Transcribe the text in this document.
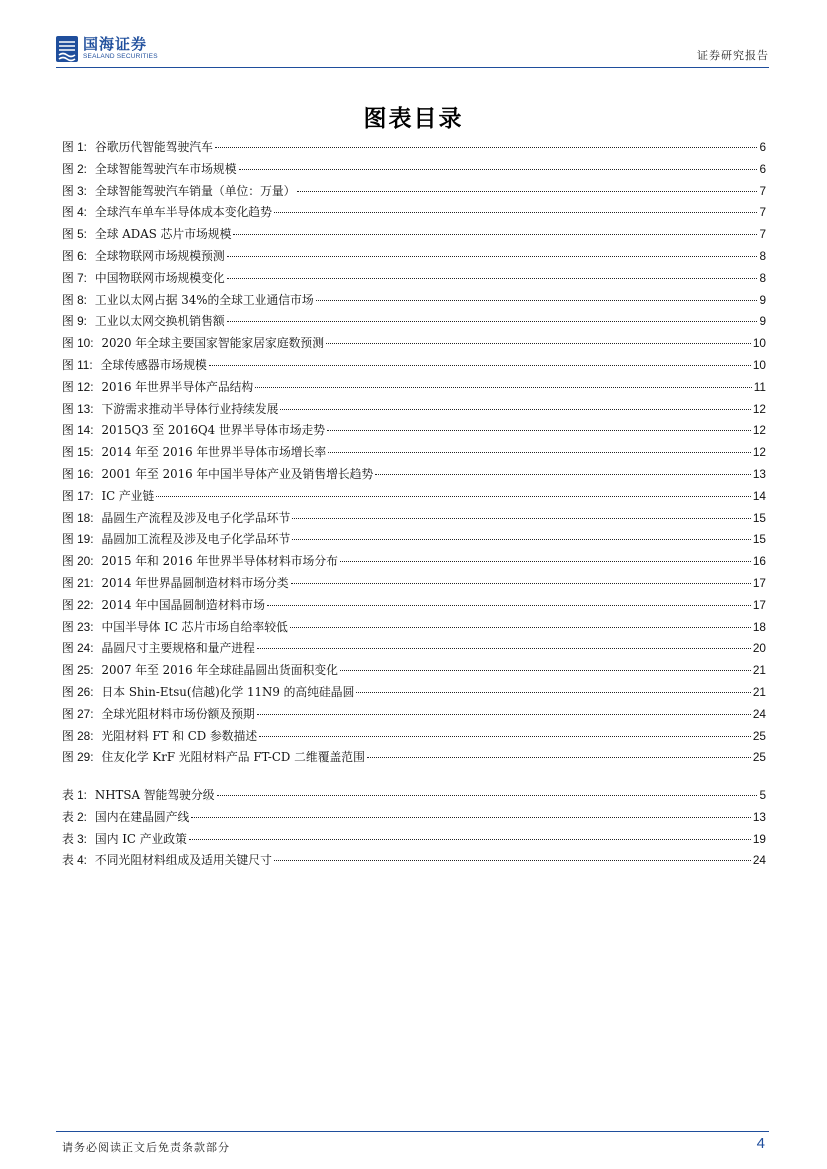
国海证券
SEALAND SECURITIES	证券研究报告
图表目录
图 1: 谷歌历代智能驾驶汽车	6
图 2: 全球智能驾驶汽车市场规模	6
图 3: 全球智能驾驶汽车销量（单位：万量）	7
图 4: 全球汽车单车半导体成本变化趋势	7
图 5: 全球 ADAS 芯片市场规模	7
图 6: 全球物联网市场规模预测	8
图 7: 中国物联网市场规模变化	8
图 8: 工业以太网占据 34%的全球工业通信市场	9
图 9: 工业以太网交换机销售额	9
图 10: 2020 年全球主要国家智能家居家庭数预测	10
图 11: 全球传感器市场规模	10
图 12: 2016 年世界半导体产品结构	11
图 13: 下游需求推动半导体行业持续发展	12
图 14: 2015Q3 至 2016Q4 世界半导体市场走势	12
图 15: 2014 年至 2016 年世界半导体市场增长率	12
图 16: 2001 年至 2016 年中国半导体产业及销售增长趋势	13
图 17: IC 产业链	14
图 18: 晶圆生产流程及涉及电子化学品环节	15
图 19: 晶圆加工流程及涉及电子化学品环节	15
图 20: 2015 年和 2016 年世界半导体材料市场分布	16
图 21: 2014 年世界晶圆制造材料市场分类	17
图 22: 2014 年中国晶圆制造材料市场	17
图 23: 中国半导体 IC 芯片市场自给率较低	18
图 24: 晶圆尺寸主要规格和量产进程	20
图 25: 2007 年至 2016 年全球硅晶圆出货面积变化	21
图 26: 日本 Shin-Etsu(信越)化学 11N9 的高纯硅晶圆	21
图 27: 全球光阻材料市场份额及预期	24
图 28: 光阻材料 FT 和 CD 参数描述	25
图 29: 住友化学 KrF 光阻材料产品 FT-CD 二维覆盖范围	25
表 1: NHTSA 智能驾驶分级	5
表 2: 国内在建晶圆产线	13
表 3: 国内 IC 产业政策	19
表 4: 不同光阻材料组成及适用关键尺寸	24
请务必阅读正文后免责条款部分	4
